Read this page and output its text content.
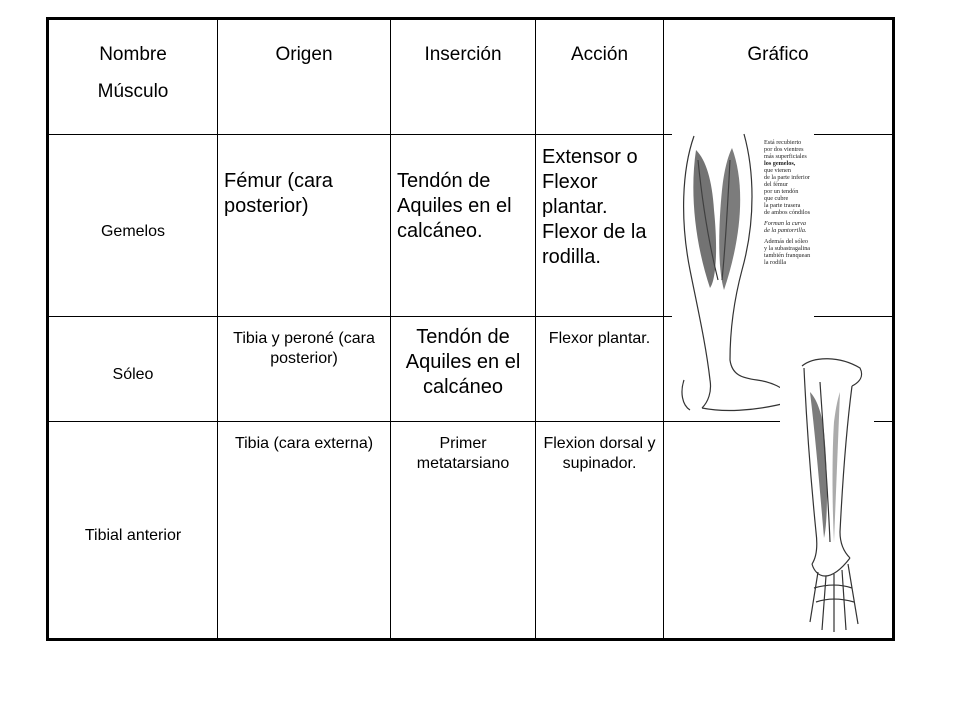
Nombre
Músculo	Origen	Inserción	Acción	Gráfico
Gemelos	Fémur (cara posterior)	Tendón de Aquiles en el calcáneo.	Extensor o Flexor plantar. Flexor de la rodilla.	
Sóleo	Tibia y peroné (cara posterior)	Tendón de Aquiles en el calcáneo	Flexor plantar.	
Tibial anterior	Tibia (cara externa)	Primer metatarsiano	Flexion dorsal y supinador.	
Está recubierto
por dos vientres
más superficiales
los gemelos,
que vienen
de la parte inferior
del fémur
por un tendón
que cubre
la parte trasera
de ambos cóndilos
Forman la curva
de la pantorrilla.
Además del sóleo
y la subastragalina
también franquean
la rodilla
